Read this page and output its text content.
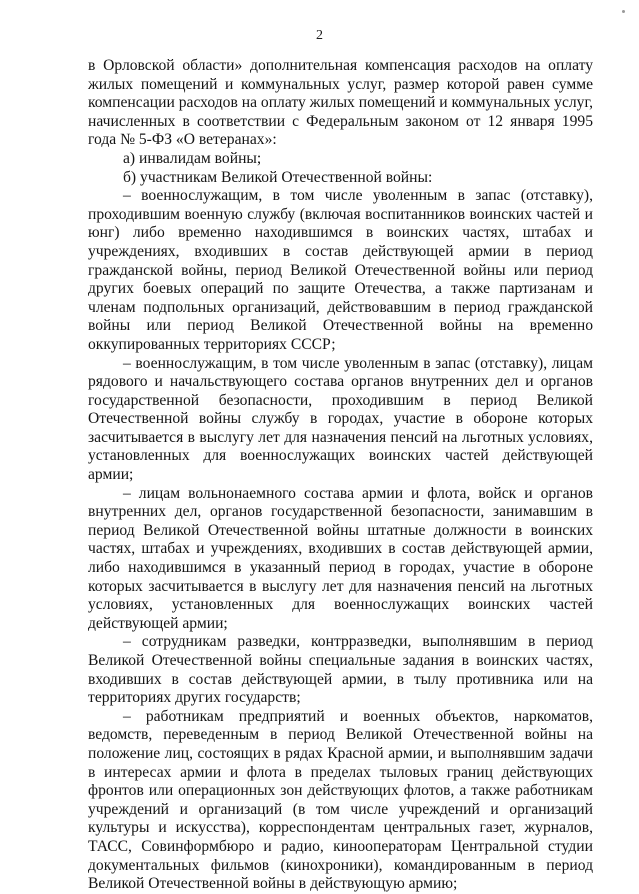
2

в Орловской области» дополнительная компенсация расходов на оплату жилых помещений и коммунальных услуг, размер которой равен сумме компенсации расходов на оплату жилых помещений и коммунальных услуг, начисленных в соответствии с Федеральным законом от 12 января 1995 года № 5-ФЗ «О ветеранах»:

а) инвалидам войны;

б) участникам Великой Отечественной войны:

– военнослужащим, в том числе уволенным в запас (отставку), проходившим военную службу (включая воспитанников воинских частей и юнг) либо временно находившимся в воинских частях, штабах и учреждениях, входивших в состав действующей армии в период гражданской войны, период Великой Отечественной войны или период других боевых операций по защите Отечества, а также партизанам и членам подпольных организаций, действовавшим в период гражданской войны или период Великой Отечественной войны на временно оккупированных территориях СССР;

– военнослужащим, в том числе уволенным в запас (отставку), лицам рядового и начальствующего состава органов внутренних дел и органов государственной безопасности, проходившим в период Великой Отечественной войны службу в городах, участие в обороне которых засчитывается в выслугу лет для назначения пенсий на льготных условиях, установленных для военнослужащих воинских частей действующей армии;

– лицам вольнонаемного состава армии и флота, войск и органов внутренних дел, органов государственной безопасности, занимавшим в период Великой Отечественной войны штатные должности в воинских частях, штабах и учреждениях, входивших в состав действующей армии, либо находившимся в указанный период в городах, участие в обороне которых засчитывается в выслугу лет для назначения пенсий на льготных условиях, установленных для военнослужащих воинских частей действующей армии;

– сотрудникам разведки, контрразведки, выполнявшим в период Великой Отечественной войны специальные задания в воинских частях, входивших в состав действующей армии, в тылу противника или на территориях других государств;

– работникам предприятий и военных объектов, наркоматов, ведомств, переведенным в период Великой Отечественной войны на положение лиц, состоящих в рядах Красной армии, и выполнявшим задачи в интересах армии и флота в пределах тыловых границ действующих фронтов или операционных зон действующих флотов, а также работникам учреждений и организаций (в том числе учреждений и организаций культуры и искусства), корреспондентам центральных газет, журналов, ТАСС, Совинформбюро и радио, кинооператорам Центральной студии документальных фильмов (кинохроники), командированным в период Великой Отечественной войны в действующую армию;
